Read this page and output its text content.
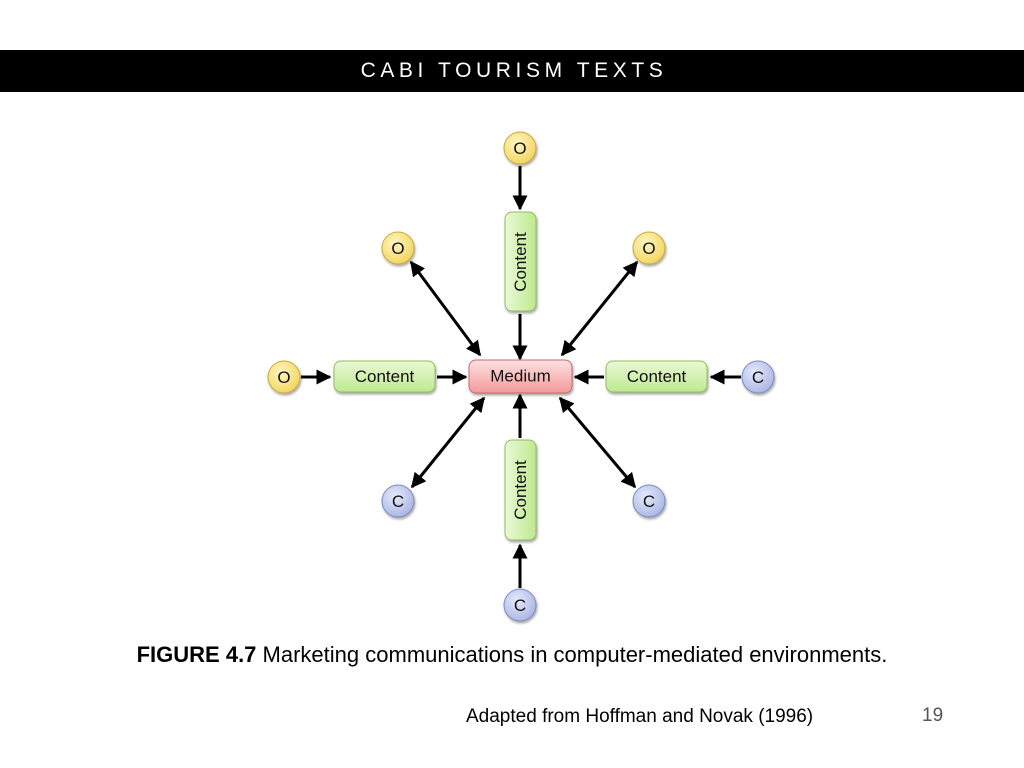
CABI TOURISM TEXTS
Medium
Content	Content
Content
Content
O
O	O
O	C
C	C
C
FIGURE 4.7 Marketing communications in computer-mediated environments.
Adapted from Hoffman and Novak (1996)	19
